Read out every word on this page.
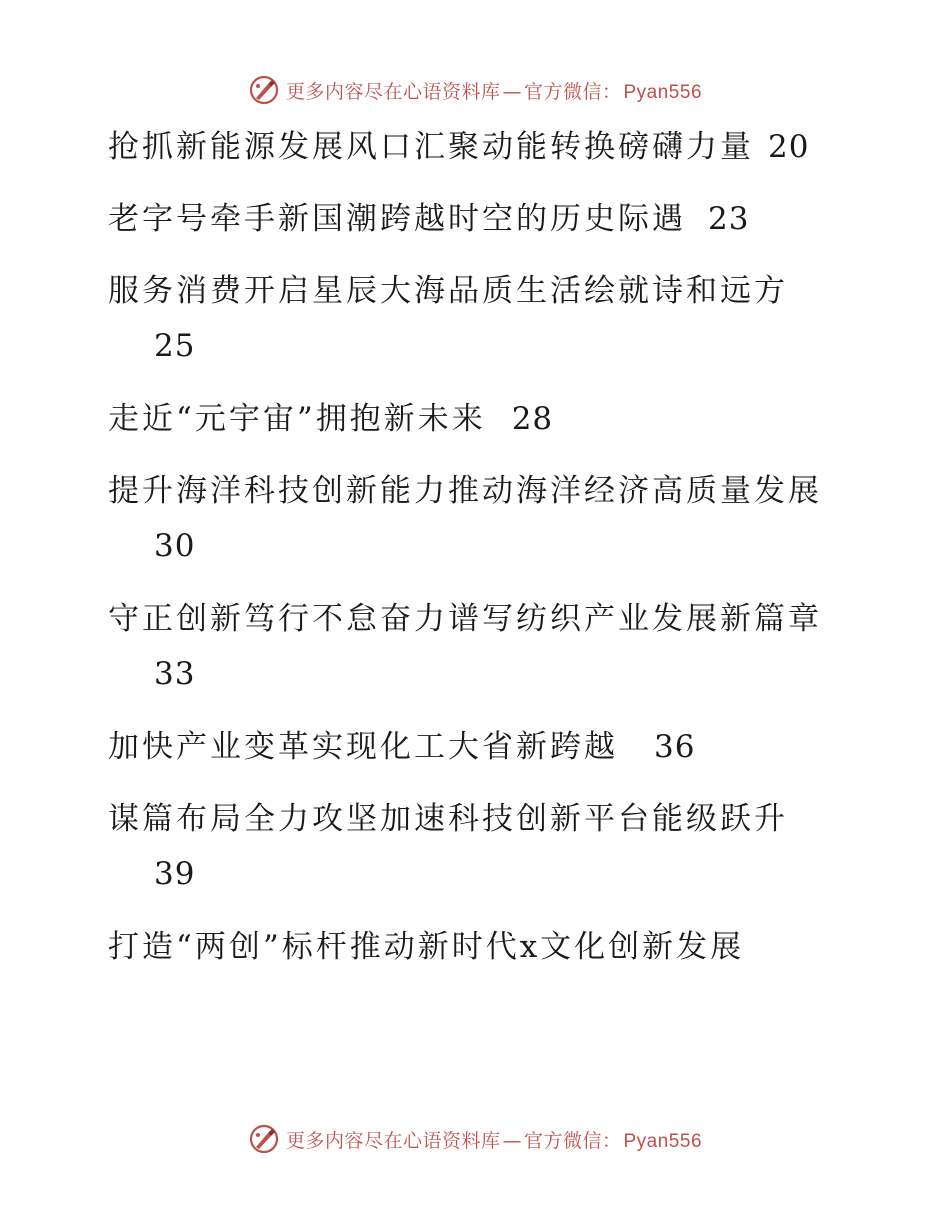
更多内容尽在心语资料库 — 官方微信： Pyan556
抢抓新能源发展风口汇聚动能转换磅礴力量 20
老字号牵手新国潮跨越时空的历史际遇 23
服务消费开启星辰大海品质生活绘就诗和远方
25
走近“元宇宙”拥抱新未来 28
提升海洋科技创新能力推动海洋经济高质量发展
30
守正创新笃行不怠奋力谱写纺织产业发展新篇章
33
加快产业变革实现化工大省新跨越 36
谋篇布局全力攻坚加速科技创新平台能级跃升
39
打造“两创”标杆推动新时代x文化创新发展
更多内容尽在心语资料库 — 官方微信： Pyan556
